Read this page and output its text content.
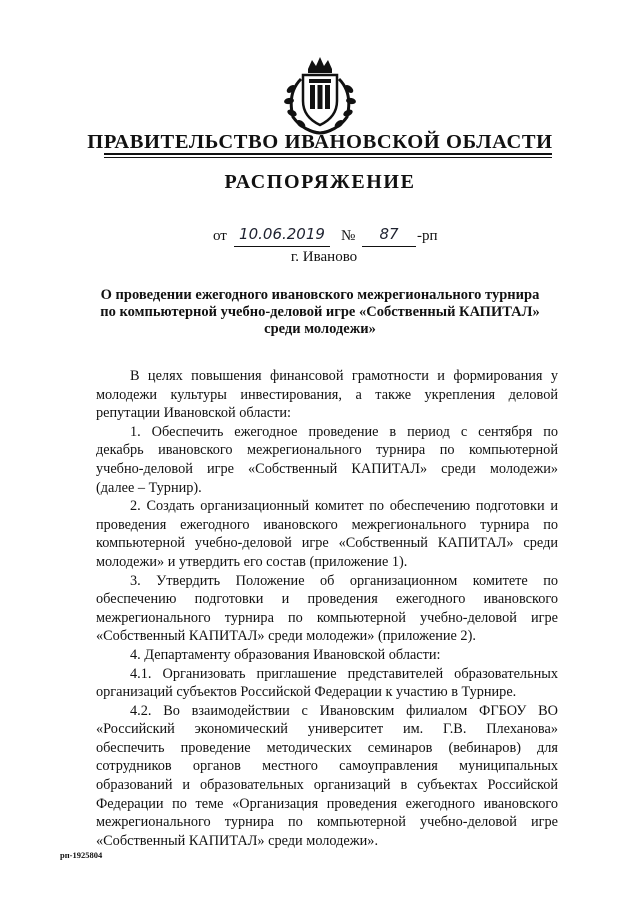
ПРАВИТЕЛЬСТВО ИВАНОВСКОЙ ОБЛАСТИ
РАСПОРЯЖЕНИЕ
от 10.06.2019	№	87	-рп
г. Иваново
О проведении ежегодного ивановского межрегионального турнира
по компьютерной учебно-деловой игре «Собственный КАПИТАЛ»
среди молодежи»
В целях повышения финансовой грамотности и формирования у
молодежи культуры инвестирования, а также укрепления деловой
репутации Ивановской области:
1. Обеспечить ежегодное проведение в период с сентября по
декабрь ивановского межрегионального турнира по компьютерной
учебно-деловой игре «Собственный КАПИТАЛ» среди молодежи»
(далее – Турнир).
2. Создать организационный комитет по обеспечению подготовки и
проведения ежегодного ивановского межрегионального турнира по
компьютерной учебно-деловой игре «Собственный КАПИТАЛ» среди
молодежи» и утвердить его состав (приложение 1).
3. Утвердить Положение об организационном комитете по
обеспечению подготовки и проведения ежегодного ивановского
межрегионального турнира по компьютерной учебно-деловой игре
«Собственный КАПИТАЛ» среди молодежи» (приложение 2).
4. Департаменту образования Ивановской области:
4.1. Организовать приглашение представителей образовательных
организаций субъектов Российской Федерации к участию в Турнире.
4.2. Во взаимодействии с Ивановским филиалом ФГБОУ ВО
«Российский экономический университет им. Г.В. Плеханова»
обеспечить проведение методических семинаров (вебинаров) для
сотрудников органов местного самоуправления муниципальных
образований и образовательных организаций в субъектах Российской
Федерации по теме «Организация проведения ежегодного ивановского
межрегионального турнира по компьютерной учебно-деловой игре
«Собственный КАПИТАЛ» среди молодежи».
рп-1925804
